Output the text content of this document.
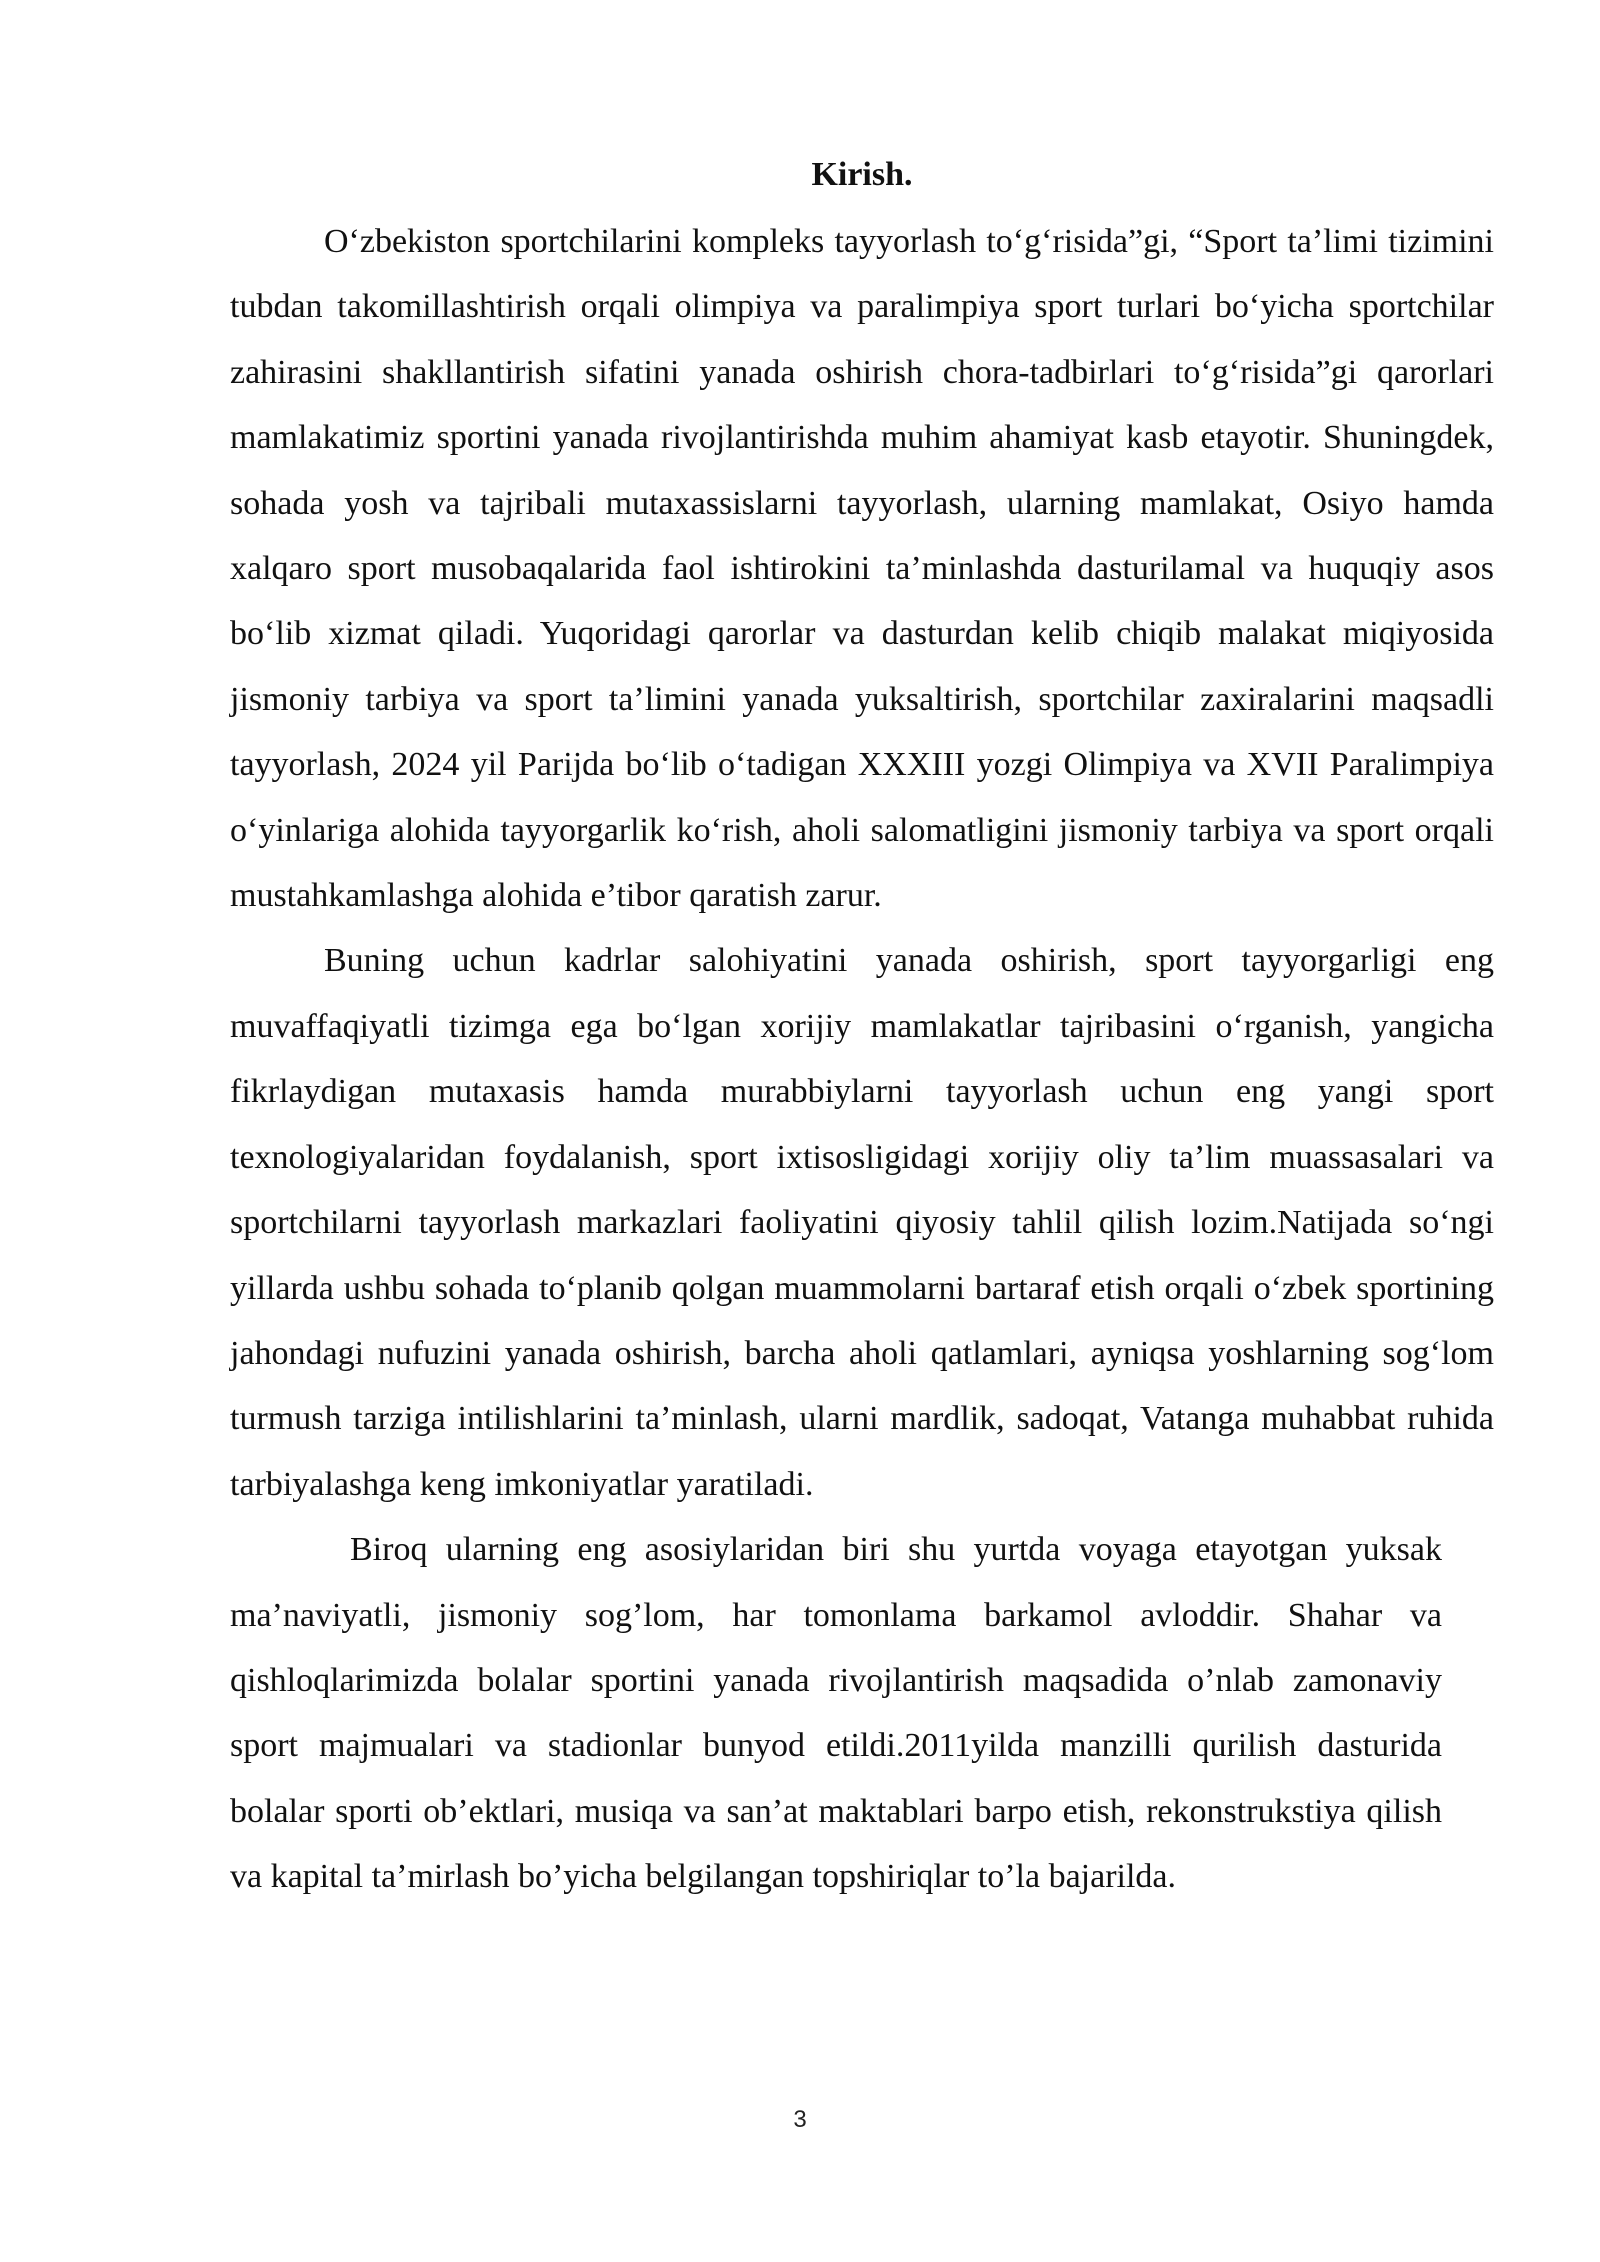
Kirish.

O‘zbekiston sportchilarini kompleks tayyorlash to‘g‘risida”gi, “Sport ta’limi tizimini tubdan takomillashtirish orqali olimpiya va paralimpiya sport turlari bo‘yicha sportchilar zahirasini shakllantirish sifatini yanada oshirish chora-tadbirlari to‘g‘risida”gi qarorlari mamlakatimiz sportini yanada rivojlantirishda muhim ahamiyat kasb etayotir. Shuningdek, sohada yosh va tajribali mutaxassislarni tayyorlash, ularning mamlakat, Osiyo hamda xalqaro sport musobaqalarida faol ishtirokini ta’minlashda dasturilamal va huquqiy asos bo‘lib xizmat qiladi. Yuqoridagi qarorlar va dasturdan kelib chiqib malakat miqiyosida jismoniy tarbiya va sport ta’limini yanada yuksaltirish, sportchilar zaxiralarini maqsadli tayyorlash, 2024 yil Parijda bo‘lib o‘tadigan XXXIII yozgi Olimpiya va XVII Paralimpiya o‘yinlariga alohida tayyorgarlik ko‘rish, aholi salomatligini jismoniy tarbiya va sport orqali mustahkamlashga alohida e’tibor qaratish zarur.

Buning uchun kadrlar salohiyatini yanada oshirish, sport tayyorgarligi eng muvaffaqiyatli tizimga ega bo‘lgan xorijiy mamlakatlar tajribasini o‘rganish, yangicha fikrlaydigan mutaxasis hamda murabbiylarni tayyorlash uchun eng yangi sport texnologiyalaridan foydalanish, sport ixtisosligidagi xorijiy oliy ta’lim muassasalari va sportchilarni tayyorlash markazlari faoliyatini qiyosiy tahlil qilish lozim.Natijada so‘ngi yillarda ushbu sohada to‘planib qolgan muammolarni bartaraf etish orqali o‘zbek sportining jahondagi nufuzini yanada oshirish, barcha aholi qatlamlari, ayniqsa yoshlarning sog‘lom turmush tarziga intilishlarini ta’minlash, ularni mardlik, sadoqat, Vatanga muhabbat ruhida tarbiyalashga keng imkoniyatlar yaratiladi.

Biroq ularning eng asosiylaridan biri shu yurtda voyaga etayotgan yuksak ma’naviyatli, jismoniy sog’lom, har tomonlama barkamol avloddir. Shahar va qishloqlarimizda bolalar sportini yanada rivojlantirish maqsadida o’nlab zamonaviy sport majmualari va stadionlar bunyod etildi.2011yilda manzilli qurilish dasturida bolalar sporti ob’ektlari, musiqa va san’at maktablari barpo etish, rekonstrukstiya qilish va kapital ta’mirlash bo’yicha belgilangan topshiriqlar to’la bajarilda.

3
